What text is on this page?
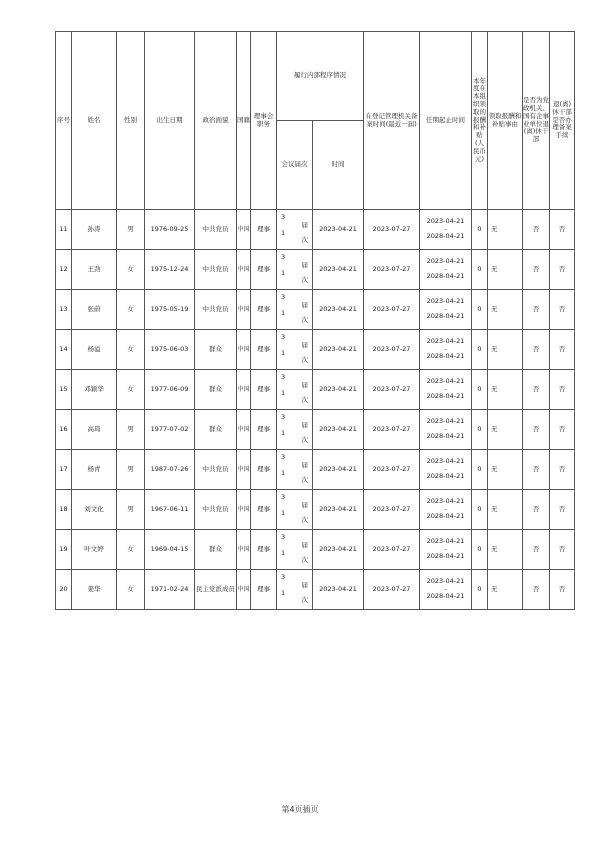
序号	姓名	性别	出生日期	政治面貌	国籍	理事会职务	履行内部程序情况		在登记管理机关备案时间(最近一届)	任期起止时间	本年度在本组织领取的报酬和补贴(人民币元)	领取报酬和补贴事由	是否为党政机关、国有企事业单位退(离)休干部	退(离)休干部是否办理备案手续
							会议届次	时间						
11	孙涛	男	1976-09-25	中共党员	中国	理事	3
届
1
次	2023-04-21	2023-07-27	2023-04-21
-
2028-04-21	0	无	否	否
12	王劲	女	1975-12-24	中共党员	中国	理事	3
届
1
次	2023-04-21	2023-07-27	2023-04-21
-
2028-04-21	0	无	否	否
13	张蔚	女	1975-05-19	中共党员	中国	理事	3
届
1
次	2023-04-21	2023-07-27	2023-04-21
-
2028-04-21	0	无	否	否
14	杨溢	女	1975-06-03	群众	中国	理事	3
届
1
次	2023-04-21	2023-07-27	2023-04-21
-
2028-04-21	0	无	否	否
15	邓颖华	女	1977-06-09	群众	中国	理事	3
届
1
次	2023-04-21	2023-07-27	2023-04-21
-
2028-04-21	0	无	否	否
16	高琦	男	1977-07-02	群众	中国	理事	3
届
1
次	2023-04-21	2023-07-27	2023-04-21
-
2028-04-21	0	无	否	否
17	杨青	男	1987-07-26	中共党员	中国	理事	3
届
1
次	2023-04-21	2023-07-27	2023-04-21
-
2028-04-21	0	无	否	否
18	刘文化	男	1967-06-11	中共党员	中国	理事	3
届
1
次	2023-04-21	2023-07-27	2023-04-21
-
2028-04-21	0	无	否	否
19	叶文婷	女	1969-04-15	群众	中国	理事	3
届
1
次	2023-04-21	2023-07-27	2023-04-21
-
2028-04-21	0	无	否	否
20	姜华	女	1971-02-24	民主党派成员	中国	理事	3
届
1
次	2023-04-21	2023-07-27	2023-04-21
-
2028-04-21	0	无	否	否
第4页插页
